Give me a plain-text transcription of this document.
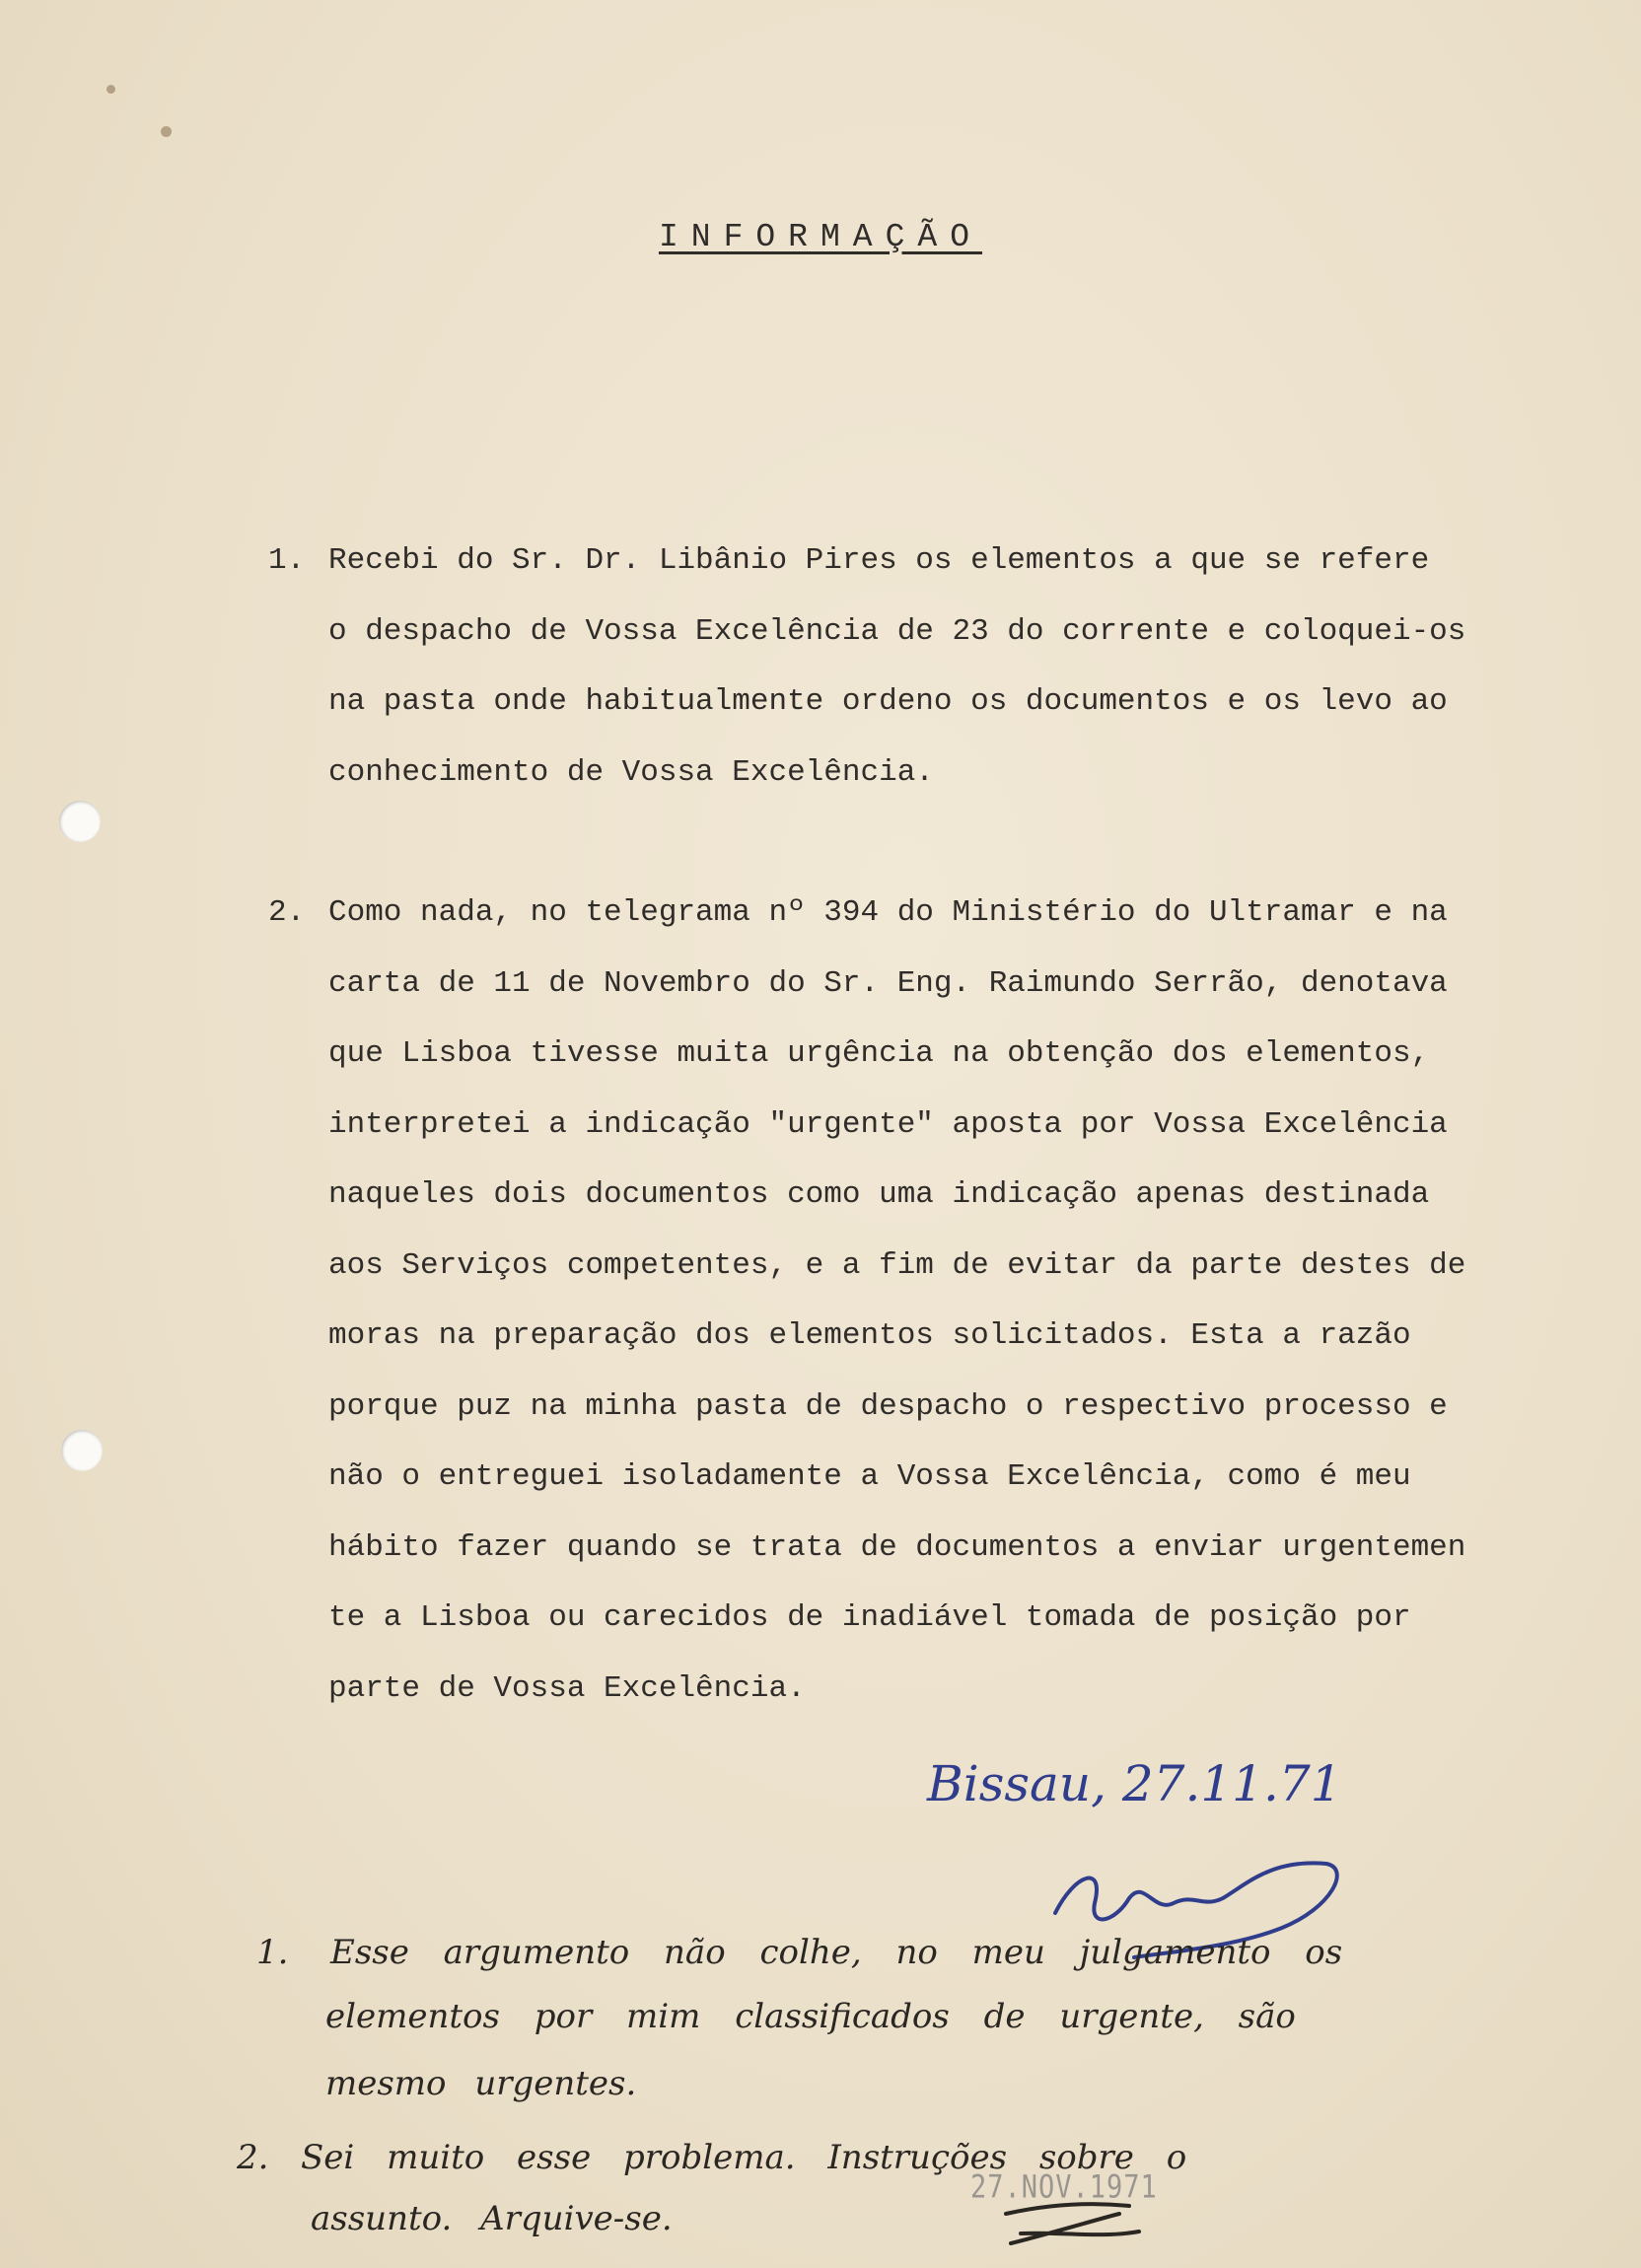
INFORMAÇÃO
1. Recebi do Sr. Dr. Libânio Pires os elementos a que se refere
o despacho de Vossa Excelência de 23 do corrente e coloquei-os
na pasta onde habitualmente ordeno os documentos e os levo ao
conhecimento de Vossa Excelência.
2. Como nada, no telegrama nº 394 do Ministério do Ultramar e na
carta de 11 de Novembro do Sr. Eng. Raimundo Serrão, denotava
que Lisboa tivesse muita urgência na obtenção dos elementos,
interpretei a indicação "urgente" aposta por Vossa Excelência
naqueles dois documentos como uma indicação apenas destinada
aos Serviços competentes, e a fim de evitar da parte destes de
moras na preparação dos elementos solicitados. Esta a razão
porque puz na minha pasta de despacho o respectivo processo e
não o entreguei isoladamente a Vossa Excelência, como é meu
hábito fazer quando se trata de documentos a enviar urgentemen
te a Lisboa ou carecidos de inadiável tomada de posição por
parte de Vossa Excelência.
Bissau, 27.11.71
1. Esse argumento não colhe, no meu julgamento os
elementos por mim classificados de urgente, são
mesmo urgentes.
2. Sei muito esse problema. Instruções sobre o
assunto. Arquive-se.
27.NOV.1971
